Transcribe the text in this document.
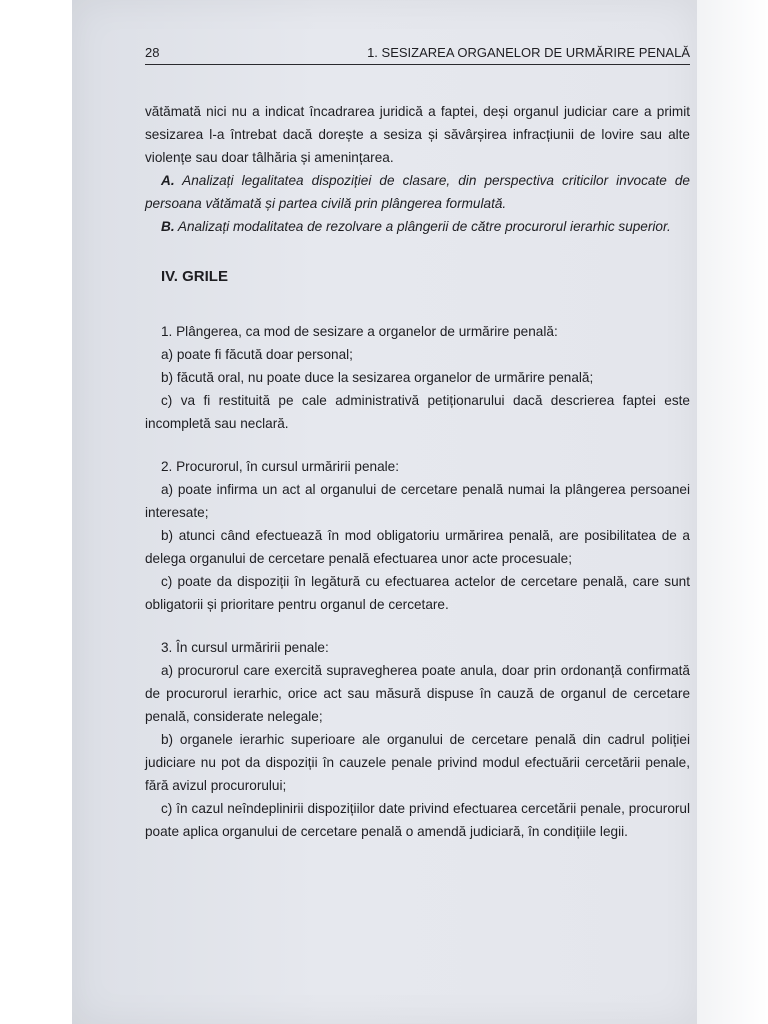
28	1. SESIZAREA ORGANELOR DE URMĂRIRE PENALĂ

vătămată nici nu a indicat încadrarea juridică a faptei, deși organul judiciar care a primit sesizarea l-a întrebat dacă dorește a sesiza și săvârșirea infracțiunii de lovire sau alte violențe sau doar tâlhăria și amenințarea.

A. Analizați legalitatea dispoziției de clasare, din perspectiva criticilor invocate de persoana vătămată și partea civilă prin plângerea formulată.

B. Analizați modalitatea de rezolvare a plângerii de către procurorul ierarhic superior.

IV. GRILE

1. Plângerea, ca mod de sesizare a organelor de urmărire penală:

a) poate fi făcută doar personal;

b) făcută oral, nu poate duce la sesizarea organelor de urmărire penală;

c) va fi restituită pe cale administrativă petiționarului dacă descrierea faptei este incompletă sau neclară.

2. Procurorul, în cursul urmăririi penale:

a) poate infirma un act al organului de cercetare penală numai la plângerea persoanei interesate;

b) atunci când efectuează în mod obligatoriu urmărirea penală, are posibilitatea de a delega organului de cercetare penală efectuarea unor acte procesuale;

c) poate da dispoziții în legătură cu efectuarea actelor de cercetare penală, care sunt obligatorii și prioritare pentru organul de cercetare.

3. În cursul urmăririi penale:

a) procurorul care exercită supravegherea poate anula, doar prin ordonanță confirmată de procurorul ierarhic, orice act sau măsură dispuse în cauză de organul de cercetare penală, considerate nelegale;

b) organele ierarhic superioare ale organului de cercetare penală din cadrul poliției judiciare nu pot da dispoziții în cauzele penale privind modul efectuării cercetării penale, fără avizul procurorului;

c) în cazul neîndeplinirii dispozițiilor date privind efectuarea cercetării penale, procurorul poate aplica organului de cercetare penală o amendă judiciară, în condițiile legii.
